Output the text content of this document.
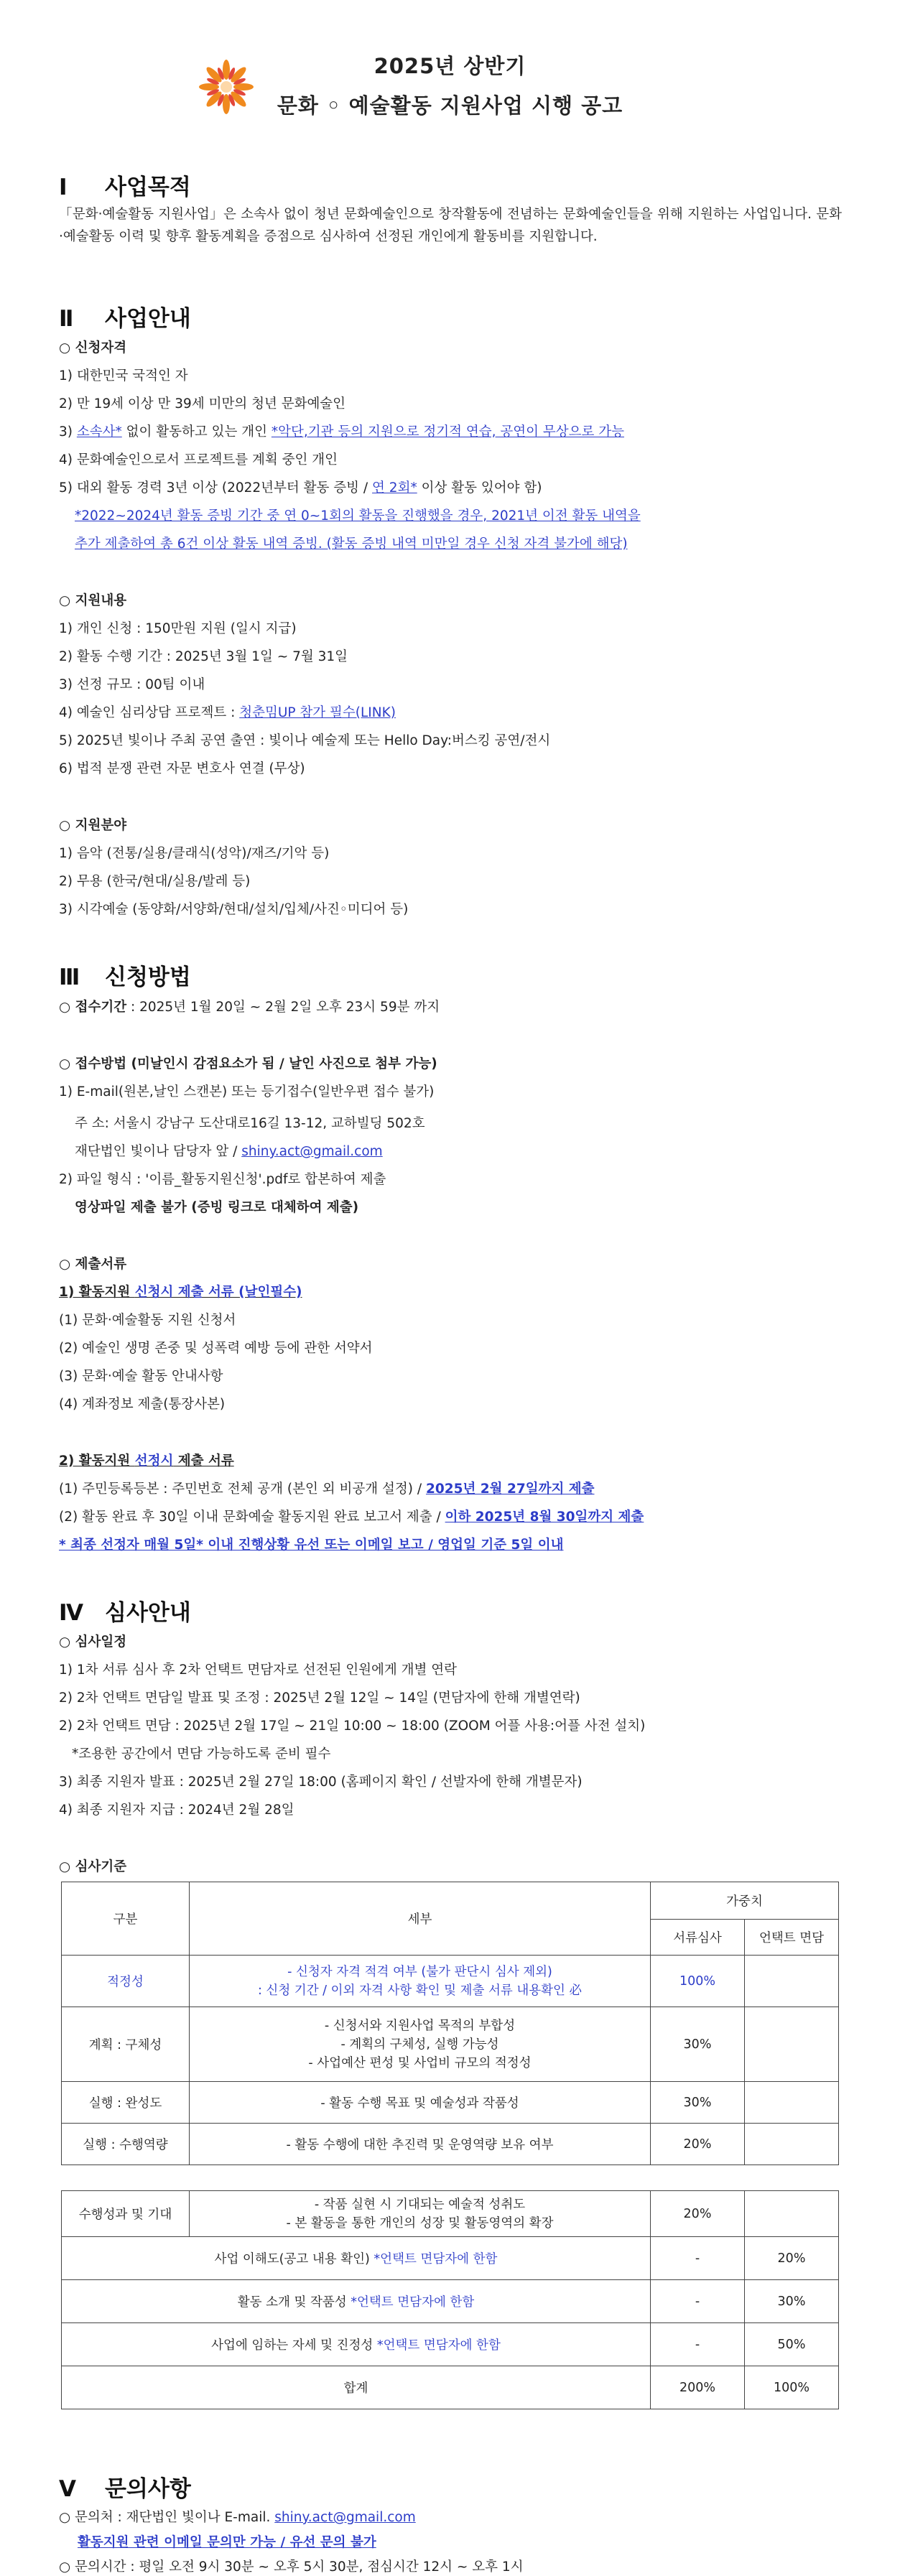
2025년 상반기
문화 ◦ 예술활동 지원사업 시행 공고
Ⅰ 사업목적
「문화·예술활동 지원사업」은 소속사 없이 청년 문화예술인으로 창작활동에 전념하는 문화예술인들을 위해 지원하는 사업입니다. 문화·예술활동 이력 및 향후 활동계획을 증점으로 심사하여 선정된 개인에게 활동비를 지원합니다.
Ⅱ 사업안내
○ 신청자격
1) 대한민국 국적인 자
2) 만 19세 이상 만 39세 미만의 청년 문화예술인
3) 소속사* 없이 활동하고 있는 개인 *악단,기관 등의 지원으로 정기적 연습, 공연이 무상으로 가능
4) 문화예술인으로서 프로젝트를 계획 중인 개인
5) 대외 활동 경력 3년 이상 (2022년부터 활동 증빙 / 연 2회* 이상 활동 있어야 함)
*2022~2024년 활동 증빙 기간 중 연 0~1회의 활동을 진행했을 경우, 2021년 이전 활동 내역을
추가 제출하여 총 6건 이상 활동 내역 증빙. (활동 증빙 내역 미만일 경우 신청 자격 불가에 해당)
○ 지원내용
1) 개인 신청 : 150만원 지원 (일시 지급)
2) 활동 수행 기간 : 2025년 3월 1일 ~ 7월 31일
3) 선정 규모 : 00팀 이내
4) 예술인 심리상담 프로젝트 : 청춘밈UP 참가 필수(LINK)
5) 2025년 빛이나 주최 공연 출연 : 빛이나 예술제 또는 Hello Day:버스킹 공연/전시
6) 법적 분쟁 관련 자문 변호사 연결 (무상)
○ 지원분야
1) 음악 (전통/실용/클래식(성악)/재즈/기악 등)
2) 무용 (한국/현대/실용/발레 등)
3) 시각예술 (동양화/서양화/현대/설치/입체/사진◦미디어 등)
Ⅲ 신청방법
○ 접수기간 : 2025년 1월 20일 ~ 2월 2일 오후 23시 59분 까지
○ 접수방법 (미날인시 감점요소가 됨 / 날인 사진으로 첨부 가능)
1) E-mail(원본,날인 스캔본) 또는 등기접수(일반우편 접수 불가)
주 소: 서울시 강남구 도산대로16길 13-12, 교하빌딩 502호
재단법인 빛이나 담당자 앞 / shiny.act@gmail.com
2) 파일 형식 : '이름_활동지원신청'.pdf로 합본하여 제출
영상파일 제출 불가 (증빙 링크로 대체하여 제출)
○ 제출서류
1) 활동지원 신청시 제출 서류 (날인필수)
(1) 문화·예술활동 지원 신청서
(2) 예술인 생명 존중 및 성폭력 예방 등에 관한 서약서
(3) 문화·예술 활동 안내사항
(4) 계좌정보 제출(통장사본)
2) 활동지원 선정시 제출 서류
(1) 주민등록등본 : 주민번호 전체 공개 (본인 외 비공개 설정) / 2025년 2월 27일까지 제출
(2) 활동 완료 후 30일 이내 문화예술 활동지원 완료 보고서 제출 / 이하 2025년 8월 30일까지 제출
* 최종 선정자 매월 5일* 이내 진행상황 유선 또는 이메일 보고 / 영업일 기준 5일 이내
Ⅳ 심사안내
○ 심사일정
1) 1차 서류 심사 후 2차 언택트 면담자로 선전된 인원에게 개별 연락
2) 2차 언택트 면담일 발표 및 조정 : 2025년 2월 12일 ~ 14일 (면담자에 한해 개별연락)
2) 2차 언택트 면담 : 2025년 2월 17일 ~ 21일 10:00 ~ 18:00 (ZOOM 어플 사용:어플 사전 설치)
*조용한 공간에서 면담 가능하도록 준비 필수
3) 최종 지원자 발표 : 2025년 2월 27일 18:00 (홈페이지 확인 / 선발자에 한해 개별문자)
4) 최종 지원자 지급 : 2024년 2월 28일
○ 심사기준
구분	세부	가중치	
		서류심사	언택트 면담
적정성	- 신청자 자격 적격 여부 (불가 판단시 심사 제외)
: 신청 기간 / 이외 자격 사항 확인 및 제출 서류 내용확인 必	100%	
계획 : 구체성	- 신청서와 지원사업 목적의 부합성
- 계획의 구체성, 실행 가능성
- 사업예산 편성 및 사업비 규모의 적정성	30%	
실행 : 완성도	- 활동 수행 목표 및 예술성과 작품성	30%	
실행 : 수행역량	- 활동 수행에 대한 추진력 및 운영역량 보유 여부	20%	
수행성과 및 기대	- 작품 실현 시 기대되는 예술적 성취도
- 본 활동을 통한 개인의 성장 및 활동영역의 확장	20%	
사업 이해도(공고 내용 확인) *언택트 면담자에 한함		-	20%
활동 소개 및 작품성 *언택트 면담자에 한함		-	30%
사업에 임하는 자세 및 진정성 *언택트 면담자에 한함		-	50%
합계		200%	100%
Ⅴ 문의사항
○ 문의처 : 재단법인 빛이나 E-mail. shiny.act@gmail.com
활동지원 관련 이메일 문의만 가능 / 유선 문의 불가
○ 문의시간 : 평일 오전 9시 30분 ~ 오후 5시 30분, 점심시간 12시 ~ 오후 1시
